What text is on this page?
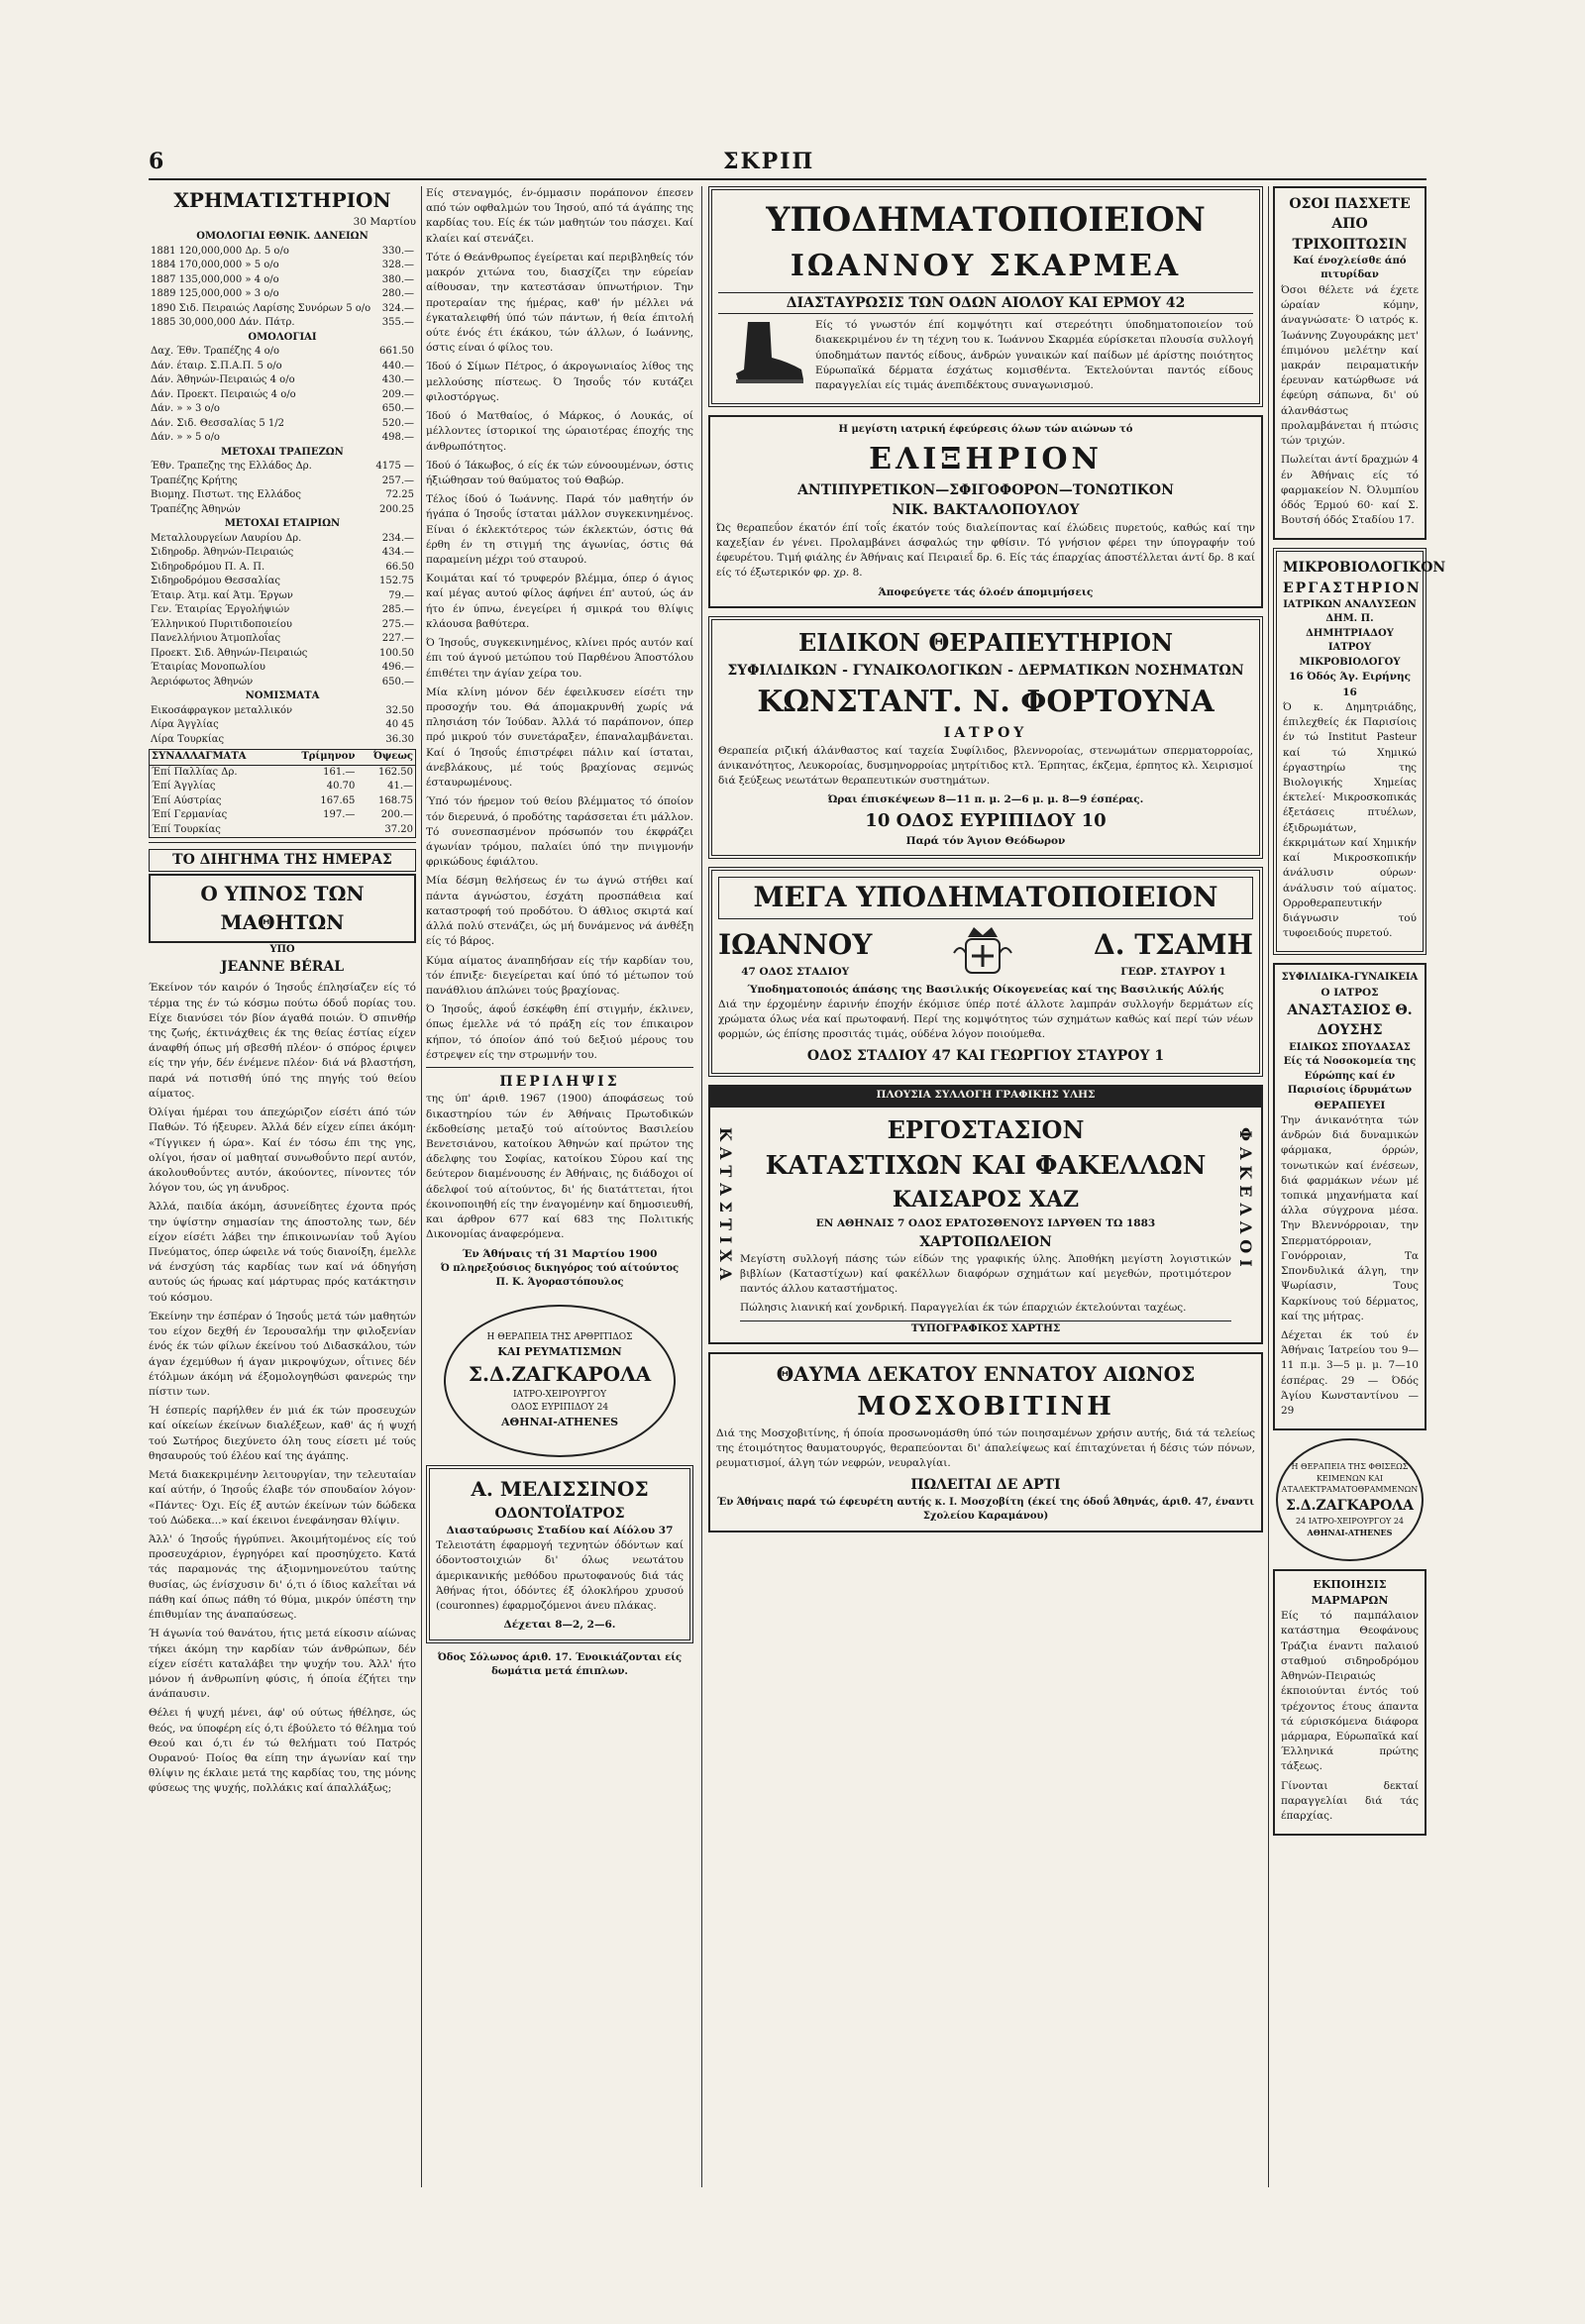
6	ΣΚΡΙΠ
ΧΡΗΜΑΤΙΣΤΗΡΙΟΝ
30 Μαρτίου
ΟΜΟΛΟΓΙΑΙ ΕΘΝΙΚ. ΔΑΝΕΙΩΝ
1881 120,000,000 Δρ. 5 ο/ο	330.—
1884 170,000,000 » 5 ο/ο	328.—
1887 135,000,000 » 4 ο/ο	380.—
1889 125,000,000 » 3 ο/ο	280.—
1890 Σιδ. Πειραιώς Λαρίσης Συνόρων 5 ο/ο	324.—
1885 30,000,000 Δάν. Πάτρ.	355.—
ΟΜΟΛΟΓΙΑΙ
Δαχ. Έθν. Τραπέζης 4 ο/ο	661.50
Δάν. έταιρ. Σ.Π.Α.Π. 5 ο/ο	440.—
Δάν. Άθηνών-Πειραιώς 4 ο/ο	430.—
Δάν. Προεκτ. Πειραιώς 4 ο/ο	209.—
Δάν. » » 3 ο/ο	650.—
Δάν. Σιδ. Θεσσαλίας 5 1/2	520.—
Δάν. » » 5 ο/ο	498.—
ΜΕΤΟΧΑΙ ΤΡΑΠΕΖΩΝ
Έθν. Τραπεζης της Ελλάδος Δρ.	4175 —
Τραπέζης Κρήτης	257.—
Βιομηχ. Πιστωτ. της Ελλάδος	72.25
Τραπέζης Άθηνών	200.25
ΜΕΤΟΧΑΙ ΕΤΑΙΡΙΩΝ
Μεταλλουργείων Λαυρίου Δρ.	234.—
Σιδηροδρ. Άθηνών-Πειραιώς	434.—
Σιδηροδρόμου Π. Α. Π.	66.50
Σιδηροδρόμου Θεσσαλίας	152.75
Έταιρ. Άτμ. καί Άτμ. Έργων	79.—
Γεν. Έταιρίας Έργολήψιών	285.—
Έλληνικού Πυριτιδοποιείου	275.—
Πανελλήνιου Άτμοπλοΐας	227.—
Προεκτ. Σιδ. Άθηνών-Πειραιώς	100.50
Έταιρίας Μονοπωλίου	496.—
Άεριόφωτος Άθηνών	650.—
ΝΟΜΙΣΜΑΤΑ
Εικοσάφραγκον μεταλλικόν	32.50
Λίρα Άγγλίας	40 45
Λίρα Τουρκίας	36.30
ΣΥΝΑΛΛΑΓΜΑΤΑ	Τρίμηνον	Όψεως
Έπί Παλλίας Δρ.	161.—	162.50
Έπί Άγγλίας	40.70	41.—
Έπί Αύστρίας	167.65	168.75
Έπί Γερμανίας	197.—	200.—
Έπί Τουρκίας		37.20
ΤΟ ΔΙΗΓΗΜΑ ΤΗΣ ΗΜΕΡΑΣ
Ο ΥΠΝΟΣ ΤΩΝ ΜΑΘΗΤΩΝ
ΥΠΟ
JEANNE BÉRAL

Έκείνον τόν καιρόν ό Ίησοΰς έπλησίαζεν είς τό τέρμα της έν τώ κόσμω πούτω όδοΰ πορίας του. Είχε διανύσει τόν βίον άγαθά ποιών. Ό σπινθήρ της ζωής, έκτινάχθεις έκ της θείας έστίας είχεν άναφθή όπως μή σβεσθή πλέον· ό σπόρος έριψεν είς την γήν, δέν ένέμενε πλέον· διά νά βλαστήση, παρά νά ποτισθή ύπό της πηγής τού θείου αίματος.

Όλίγαι ήμέραι του άπεχώριζον είσέτι άπό τών Παθών. Τό ήξευρεν. Άλλά δέν είχεν είπει άκόμη· «Τίγγικεν ή ώρα». Καί έν τόσω έπι της γης, ολίγοι, ήσαν οί μαθηταί συνωθοΰντο περί αυτόν, άκολουθοΰντες αυτόν, άκούοντες, πίνοντες τόν λόγον του, ώς γη άνυδρος.

Άλλά, παιδία άκόμη, άσυνείδητες έχοντα πρός την ύψίστην σημασίαν της άποστολης των, δέν είχον είσέτι λάβει την έπικοινωνίαν τοΰ Άγίου Πνεύματος, όπερ ώφειλε νά τούς διανοίξη, έμελλε νά ένσχύση τάς καρδίας των καί νά όδηγήση αυτούς ώς ήρωας καί μάρτυρας πρός κατάκτησιν τού κόσμου.

Έκείνην την έσπέραν ό Ίησοΰς μετά τών μαθητών του είχον δεχθή έν Ίερουσαλήμ την φιλοξενίαν ένός έκ τών φίλων έκείνου τού Διδασκάλου, τών άγαν έχεμύθων ή άγαν μικροψύχων, οΐτινες δέν έτόλμων άκόμη νά έξομολογηθώσι φανερώς την πίστιν των.

Ή έσπερίς παρήλθεν έν μιά έκ τών προσευχών καί οίκείων έκείνων διαλέξεων, καθ' άς ή ψυχή τού Σωτήρος διεχύνετο όλη τους είσετι μέ τούς θησαυρούς τού έλέου καί της άγάπης.

Μετά διακεκριμένην λειτουργίαν, την τελευταίαν καί αύτήν, ό Ίησοΰς έλαβε τόν σπουδαίον λόγον· «Πάντες· Όχι. Είς έξ αυτών έκείνων τών δώδεκα τού Δώδεκα...» καί έκεινοι ένεφάνησαν θλίψιν.

Άλλ' ό Ίησοΰς ήγρύπνει. Άκοιμήτομένος είς τού προσευχάριον, έγρηγόρει καί προσηύχετο. Κατά τάς παραμονάς της άξιομνημονεύτου ταύτης θυσίας, ώς ένίσχυσιν δι' ό,τι ό ίδιος καλεΐται νά πάθη καί όπως πάθη τό θύμα, μικρόν ύπέστη την έπιθυμίαν της άναπαύσεως.

Ή άγωνία τού θανάτου, ήτις μετά είκοσιν αίώνας τήκει άκόμη την καρδίαν τών άνθρώπων, δέν είχεν είσέτι καταλάβει την ψυχήν του. Άλλ' ήτο μόνον ή άνθρωπίνη φύσις, ή όποία έζήτει την άνάπαυσιν.

Θέλει ή ψυχή μένει, άφ' ού ούτως ήθέλησε, ώς θεός, να ύποφέρη είς ό,τι έβούλετο τό θέλημα τού Θεού και ό,τι έν τώ θελήματι τού Πατρός Ουρανού· Ποίος θα είπη την άγωνίαν καί την θλίψιν ης έκλαιε μετά της καρδίας του, της μόνης φύσεως της ψυχής, πολλάκις καί άπαλλάξως;

Είς στεναγμός, έν-όμμασιν ποράπονον έπεσεν από τών οφθαλμών του Ίησού, από τά άγάπης της καρδίας του. Είς έκ τών μαθητών του πάσχει. Καί κλαίει καί στενάζει.

Τότε ό Θεάνθρωπος έγείρεται καί περιβληθείς τόν μακρόν χιτώνα του, διασχίζει την εύρείαν αίθουσαν, την κατεστάσαν ύπνωτήριον. Την προτεραίαν της ήμέρας, καθ' ήν μέλλει νά έγκαταλειφθή ύπό τών πάντων, ή θεία έπιτολή ούτε ένός έτι έκάκου, τών άλλων, ό Ιωάννης, όστις είναι ό φίλος του.

Ίδού ό Σίμων Πέτρος, ό άκρογωνιαίος λίθος της μελλούσης πίστεως. Ό Ίησοΰς τόν κυτάζει φιλοστόργως.

Ίδού ό Ματθαίος, ό Μάρκος, ό Λουκάς, οί μέλλοντες ίστορικοί της ώραιοτέρας έποχής της άνθρωπότητος.

Ίδού ό Ίάκωβος, ό είς έκ τών εύνοουμένων, όστις ήξιώθησαν τού θαύματος τού Θαβώρ.

Τέλος ίδού ό Ίωάννης. Παρά τόν μαθητήν όν ήγάπα ό Ίησοΰς ίσταται μάλλον συγκεκινημένος. Είναι ό έκλεκτότερος τών έκλεκτών, όστις θά έρθη έν τη στιγμή της άγωνίας, όστις θά παραμείνη μέχρι τού σταυρού.

Κοιμάται καί τό τρυφερόν βλέμμα, όπερ ό άγιος καί μέγας αυτού φίλος άφήνει έπ' αυτού, ώς άν ήτο έν ύπνω, ένεγείρει ή σμικρά του θλίψις κλάουσα βαθύτερα.

Ό Ίησοΰς, συγκεκινημένος, κλίνει πρός αυτόν καί έπι τού άγνού μετώπου τού Παρθένου Άποστόλου έπιθέτει την άγίαν χείρα του.

Μία κλίνη μόνον δέν έφειλκυσεν είσέτι την προσοχήν του. Θά άπομακρυνθή χωρίς νά πλησιάση τόν Ίούδαν. Άλλά τό παράπονον, όπερ πρό μικρού τόν συνετάραξεν, έπαναλαμβάνεται. Καί ό Ίησοΰς έπιστρέφει πάλιν καί ίσταται, άνεβλάκους, μέ τούς βραχίονας σεμνώς έσταυρωμένους.

Ύπό τόν ήρεμον τού θείου βλέμματος τό όποίον τόν διερευνά, ό προδότης ταράσσεται έτι μάλλον. Τό συνεσπασμένον πρόσωπόν του έκφράζει άγωνίαν τρόμου, παλαίει ύπό την πνιγμονήν φρικώδους έφιάλτου.

Μία δέσμη θελήσεως έν τω άγνώ στήθει καί πάντα άγνώστου, έσχάτη προσπάθεια καί καταστροφή τού προδότου. Ό άθλιος σκιρτά καί άλλά πολύ στενάζει, ώς μή δυνάμενος νά άνθέξη είς τό βάρος.

Κύμα αίματος άναπηδήσαν είς τήν καρδίαν του, τόν έπνιξε· διεγείρεται καί ύπό τό μέτωπον τού πανάθλιου άπλώνει τούς βραχίονας.

Ό Ίησοΰς, άφοΰ έσκέφθη έπί στιγμήν, έκλινεν, όπως έμελλε νά τό πράξη είς τον έπικαιρον κήπον, τό όποίον άπό τού δεξιού μέρους του έστρεψεν είς την στρωμνήν του.

ΠΕΡΙΛΗΨΙΣ

της ύπ' άριθ. 1967 (1900) άποφάσεως τού δικαστηρίου τών έν Άθήναις Πρωτοδικών έκδοθείσης μεταξύ τού αίτούντος Βασιλείου Βενετσιάνου, κατοίκου Άθηνών καί πρώτον της άδελφης του Σοφίας, κατοίκου Σύρου καί της δεύτερον διαμένουσης έν Άθήναις, ης διάδοχοι οί άδελφοί τού αίτούντος, δι' ής διατάττεται, ήτοι έκοινοποιηθή είς την έναγομένην καί δημοσιευθή, και άρθρον 677 καί 683 της Πολιτικής Δικονομίας άναφερόμενα.

Έν Άθήναις τή 31 Μαρτίου 1900
Ό πληρεξούσιος δικηγόρος τού αίτούντος
Π. Κ. Άγοραστόπουλος
Η ΘΕΡΑΠΕΙΑ ΤΗΣ ΑΡΘΡΙΤΙΔΟΣ
ΚΑΙ ΡΕΥΜΑΤΙΣΜΩΝ
Σ.Δ.ΖΑΓΚΑΡΟΛΑ
ΙΑΤΡΟ-ΧΕΙΡΟΥΡΓΟΥ
ΟΔΟΣ ΕΥΡΙΠΙΔΟΥ 24
ΑΘΗΝΑΙ-ATHENES
Α. ΜΕΛΙΣΣΙΝΟΣ
ΟΔΟΝΤΟΪΑΤΡΟΣ
Διασταύρωσις Σταδίου καί Αίόλου 37

Τελειοτάτη έφαρμογή τεχνητών όδόντων καί όδοντοστοιχιών δι' όλως νεωτάτου άμερικανικής μεθόδου πρωτοφανούς διά τάς Άθήνας ήτοι, όδόντες έξ όλοκλήρου χρυσού (couronnes) έφαρμοζόμενοι άνευ πλάκας.

Δέχεται 8—2, 2—6.
Όδος Σόλωνος άριθ. 17. Ένοικιάζονται είς δωμάτια μετά έπιπλων.
ΥΠΟΔΗΜΑΤΟΠΟΙΕΙΟΝ
ΙΩΑΝΝΟΥ ΣΚΑΡΜΕΑ
ΔΙΑΣΤΑΥΡΩΣΙΣ ΤΩΝ ΟΔΩΝ ΑΙΟΛΟΥ ΚΑΙ ΕΡΜΟΥ 42

Είς τό γνωστόν έπί κομψότητι καί στερεότητι ύποδηματοποιείον τού διακεκριμένου έν τη τέχνη του κ. Ίωάννου Σκαρμέα εύρίσκεται πλουσία συλλογή ύποδημάτων παντός είδους, άνδρών γυναικών καί παίδων μέ άρίστης ποιότητος Εύρωπαϊκά δέρματα έσχάτως κομισθέντα. Έκτελούνται παντός είδους παραγγελίαι είς τιμάς άνεπιδέκτους συναγωνισμού.

Η μεγίστη ιατρική έφεύρεσις όλων τών αιώνων τό
ΕΛΙΞΗΡΙΟΝ
ΑΝΤΙΠΥΡΕΤΙΚΟΝ—ΣΦΙΓΟΦΟΡΟΝ—ΤΟΝΩΤΙΚΟΝ
ΝΙΚ. ΒΑΚΤΑΛΟΠΟΥΛΟΥ

Ώς θεραπεΰον έκατόν έπί τοΐς έκατόν τούς διαλείποντας καί έλώδεις πυρετούς, καθώς καί την καχεξίαν έν γένει. Προλαμβάνει άσφαλώς την φθίσιν. Τό γνήσιον φέρει την ύπογραφήν τού έφευρέτου. Τιμή φιάλης έν Άθήναις καί Πειραιεΐ δρ. 6. Είς τάς έπαρχίας άποστέλλεται άντί δρ. 8 καί είς τό έξωτερικόν φρ. χρ. 8.

Άποφεύγετε τάς όλοέν άπομιμήσεις
ΕΙΔΙΚΟΝ ΘΕΡΑΠΕΥΤΗΡΙΟΝ
ΣΥΦΙΛΙΔΙΚΩΝ - ΓΥΝΑΙΚΟΛΟΓΙΚΩΝ - ΔΕΡΜΑΤΙΚΩΝ ΝΟΣΗΜΑΤΩΝ
ΚΩΝΣΤΑΝΤ. Ν. ΦΟΡΤΟΥΝΑ
ΙΑΤΡΟΥ

Θεραπεία ριζική άλάνθαστος καί ταχεία Συφίλιδος, βλεννοροίας, στενωμάτων σπερματορροίας, άνικανότητος, Λευκοροίας, δυσμηνορροίας μητρίτιδος κτλ. Έρπητας, έκζεμα, έρπητος κλ. Χειρισμοί διά ξεύξεως νεωτάτων θεραπευτικών συστημάτων.

Ώραι έπισκέψεων 8—11 π. μ. 2—6 μ. μ. 8—9 έσπέρας.
10 ΟΔΟΣ ΕΥΡΙΠΙΔΟΥ 10
Παρά τόν Άγιον Θεόδωρον
ΜΕΓΑ ΥΠΟΔΗΜΑΤΟΠΟΙΕΙΟΝ
ΙΩΑΝΝΟΥ
47 ΟΔΟΣ ΣΤΑΔΙΟΥ
Δ. ΤΣΑΜΗ
ΓΕΩΡ. ΣΤΑΥΡΟΥ 1
Ύποδηματοποιός άπάσης της Βασιλικής Οίκογενείας καί της Βασιλικής Αύλής

Διά την έρχομένην έαρινήν έποχήν έκόμισε ύπέρ ποτέ άλλοτε λαμπράν συλλογήν δερμάτων είς χρώματα όλως νέα καί πρωτοφανή. Περί της κομψότητος τών σχημάτων καθώς καί περί τών νέων φορμών, ώς έπίσης προσιτάς τιμάς, ούδένα λόγον ποιούμεθα.

ΟΔΟΣ ΣΤΑΔΙΟΥ 47 ΚΑΙ ΓΕΩΡΓΙΟΥ ΣΤΑΥΡΟΥ 1
ΠΛΟΥΣΙΑ ΣΥΛΛΟΓΗ ΓΡΑΦΙΚΗΣ ΥΛΗΣ
ΚΑΤΑΣΤΙΧΑ	ΦΑΚΕΛΛΟΙ
ΕΡΓΟΣΤΑΣΙΟΝ
ΚΑΤΑΣΤΙΧΩΝ ΚΑΙ ΦΑΚΕΛΛΩΝ
ΚΑΙΣΑΡΟΣ ΧΑΖ
ΕΝ ΑΘΗΝΑΙΣ 7 ΟΔΟΣ ΕΡΑΤΟΣΘΕΝΟΥΣ ΙΔΡΥΘΕΝ ΤΩ 1883
ΧΑΡΤΟΠΩΛΕΙΟΝ

Μεγίστη συλλογή πάσης τών είδών της γραφικής ύλης. Άποθήκη μεγίστη λογιστικών βιβλίων (Καταστίχων) καί φακέλλων διαφόρων σχημάτων καί μεγεθών, προτιμότερον παντός άλλου καταστήματος.

Πώλησις λιανική καί χονδρική. Παραγγελίαι έκ τών έπαρχιών έκτελούνται ταχέως.

ΤΥΠΟΓΡΑΦΙΚΟΣ ΧΑΡΤΗΣ
ΘΑΥΜΑ ΔΕΚΑΤΟΥ ΕΝΝΑΤΟΥ ΑΙΩΝΟΣ
ΜΟΣΧΟΒΙΤΙΝΗ

Διά της Μοσχοβιτίνης, ή όποία προσωνομάσθη ύπό τών ποιησαμένων χρήσιν αυτής, διά τά τελείως της έτοιμότητος θαυματουργός, θεραπεύονται δι' άπαλείψεως καί έπιταχύνεται ή δέσις τών πόνων, ρευματισμοί, άλγη τών νεφρών, νευραλγίαι.

ΠΩΛΕΙΤΑΙ ΔΕ ΑΡΤΙ
Έν Άθήναις παρά τώ έφευρέτη αυτής κ. Ι. Μοσχοβίτη (έκεί της όδοΰ Άθηνάς, άριθ. 47, έναντι Σχολείου Καραμάνου)
ΟΣΟΙ ΠΑΣΧΕΤΕ
ΑΠΟ ΤΡΙΧΟΠΤΩΣΙΝ
Καί ένοχλείσθε άπό πιτυρίδαν

Όσοι θέλετε νά έχετε ώραίαν κόμην, άναγνώσατε· Ό ιατρός κ. Ίωάννης Ζυγουράκης μετ' έπιμόνου μελέτην καί μακράν πειραματικήν έρευναν κατώρθωσε νά έφεύρη σάπωνα, δι' ού άλανθάστως προλαμβάνεται ή πτώσις τών τριχών.

Πωλείται άντί δραχμών 4 έν Άθήναις είς τό φαρμακείον Ν. Όλυμπίου όδός Έρμού 60· καί Σ. Βουτσή όδός Σταδίου 17.

ΜΙΚΡΟΒΙΟΛΟΓΙΚΟΝ
ΕΡΓΑΣΤΗΡΙΟΝ
ΙΑΤΡΙΚΩΝ ΑΝΑΛΥΣΕΩΝ
ΔΗΜ. Π. ΔΗΜΗΤΡΙΑΔΟΥ
ΙΑΤΡΟΥ ΜΙΚΡΟΒΙΟΛΟΓΟΥ
16 Όδός Άγ. Ειρήνης 16

Ό κ. Δημητριάδης, έπιλεχθείς έκ Παρισίοις έν τώ Institut Pasteur καί τώ Χημικώ έργαστηρίω της Βιολογικής Χημείας έκτελεί· Μικροσκοπικάς έξετάσεις πτυέλων, έξιδρωμάτων, έκκριμάτων καί Χημικήν καί Μικροσκοπικήν άνάλυσιν ούρων· άνάλυσιν τού αίματος. Ορροθεραπευτικήν διάγνωσιν τού τυφοειδούς πυρετού.

ΣΥΦΙΛΙΔΙΚΑ-ΓΥΝΑΙΚΕΙΑ
Ο ΙΑΤΡΟΣ
ΑΝΑΣΤΑΣΙΟΣ Θ. ΔΟΥΣΗΣ
ΕΙΔΙΚΩΣ ΣΠΟΥΔΑΣΑΣ
Είς τά Νοσοκομεία της Εύρώπης καί έν Παρισίοις ίδρυμάτων
ΘΕΡΑΠΕΥΕΙ

Την άνικανότητα τών άνδρών διά δυναμικών φάρμακα, όρρών, τονωτικών καί ένέσεων, διά φαρμάκων νέων μέ τοπικά μηχανήματα καί άλλα σύγχρονα μέσα. Την Βλεννόρροιαν, την Σπερματόρροιαν, Γονόρροιαν, Τα Σπονδυλικά άλγη, την Ψωρίασιν, Τους Καρκίνους τού δέρματος, καί της μήτρας.

Δέχεται έκ τού έν Άθήναις Ίατρείου του 9—11 π.μ. 3—5 μ. μ. 7—10 έσπέρας. 29 — Όδός Άγίου Κωνσταντίνου — 29

Η ΘΕΡΑΠΕΙΑ ΤΗΣ ΦΘΙΣΕΩΣ
ΚΕΙΜΕΝΩΝ ΚΑΙ ΑΤΑΛΕΚΤΡΑΜΑΤΟΘΡΑΜΜΕΝΩΝ
Σ.Δ.ΖΑΓΚΑΡΟΛΑ
24 ΙΑΤΡΟ-ΧΕΙΡΟΥΡΓΟΥ 24
ΑΘΗΝΑΙ-ATHENES
ΕΚΠΟΙΗΣΙΣ ΜΑΡΜΑΡΩΝ

Είς τό παμπάλαιον κατάστημα Θεοφάνους Τράζια έναντι παλαιού σταθμού σιδηροδρόμου Άθηνών-Πειραιώς έκποιούνται έντός τού τρέχοντος έτους άπαντα τά εύρισκόμενα διάφορα μάρμαρα, Εύρωπαϊκά καί Έλληνικά πρώτης τάξεως.

Γίνονται δεκταί παραγγελίαι διά τάς έπαρχίας.
